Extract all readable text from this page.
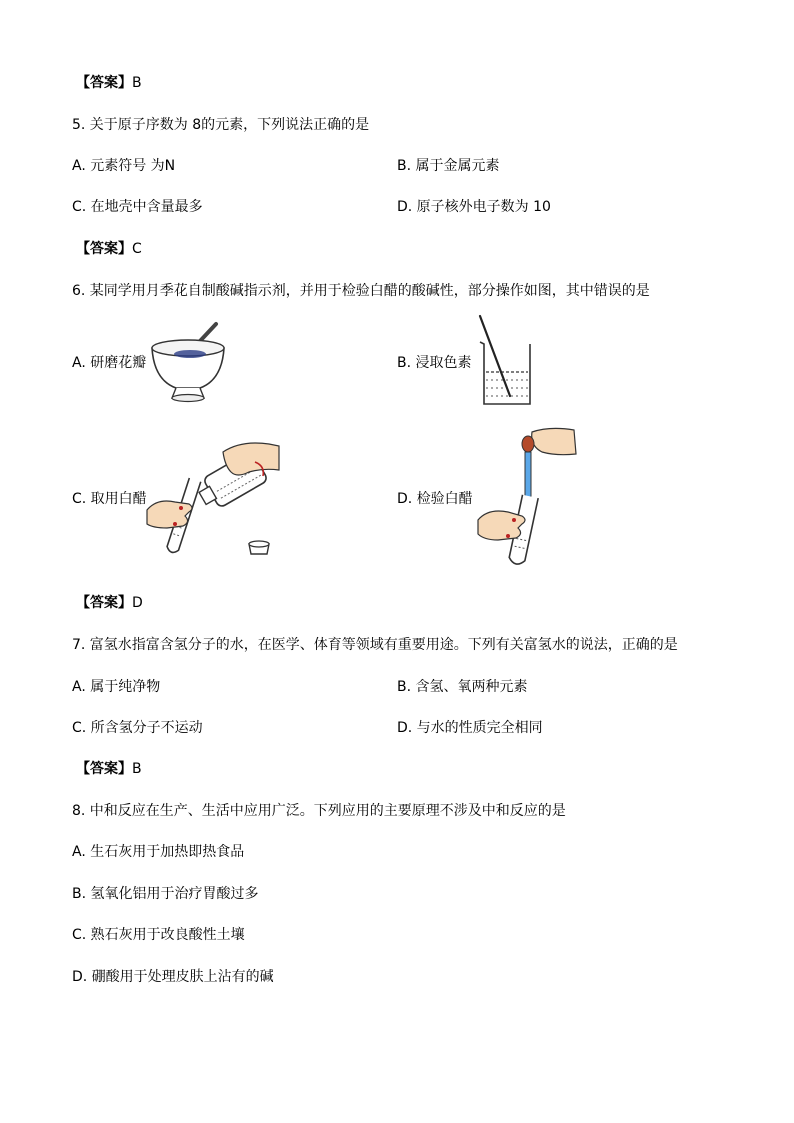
【答案】B
5. 关于原子序数为 8的元素，下列说法正确的是
A. 元素符号 为N	B. 属于金属元素
C. 在地壳中含量最多	D. 原子核外电子数为 10
【答案】C
6. 某同学用月季花自制酸碱指示剂，并用于检验白醋的酸碱性，部分操作如图，其中错误的是
A. 研磨花瓣	B. 浸取色素
C. 取用白醋	D. 检验白醋
【答案】D
7. 富氢水指富含氢分子的水，在医学、体育等领域有重要用途。下列有关富氢水的说法，正确的是
A. 属于纯净物	B. 含氢、氧两种元素
C. 所含氢分子不运动	D. 与水的性质完全相同
【答案】B
8. 中和反应在生产、生活中应用广泛。下列应用的主要原理不涉及中和反应的是
A. 生石灰用于加热即热食品
B. 氢氧化铝用于治疗胃酸过多
C. 熟石灰用于改良酸性土壤
D. 硼酸用于处理皮肤上沾有的碱
